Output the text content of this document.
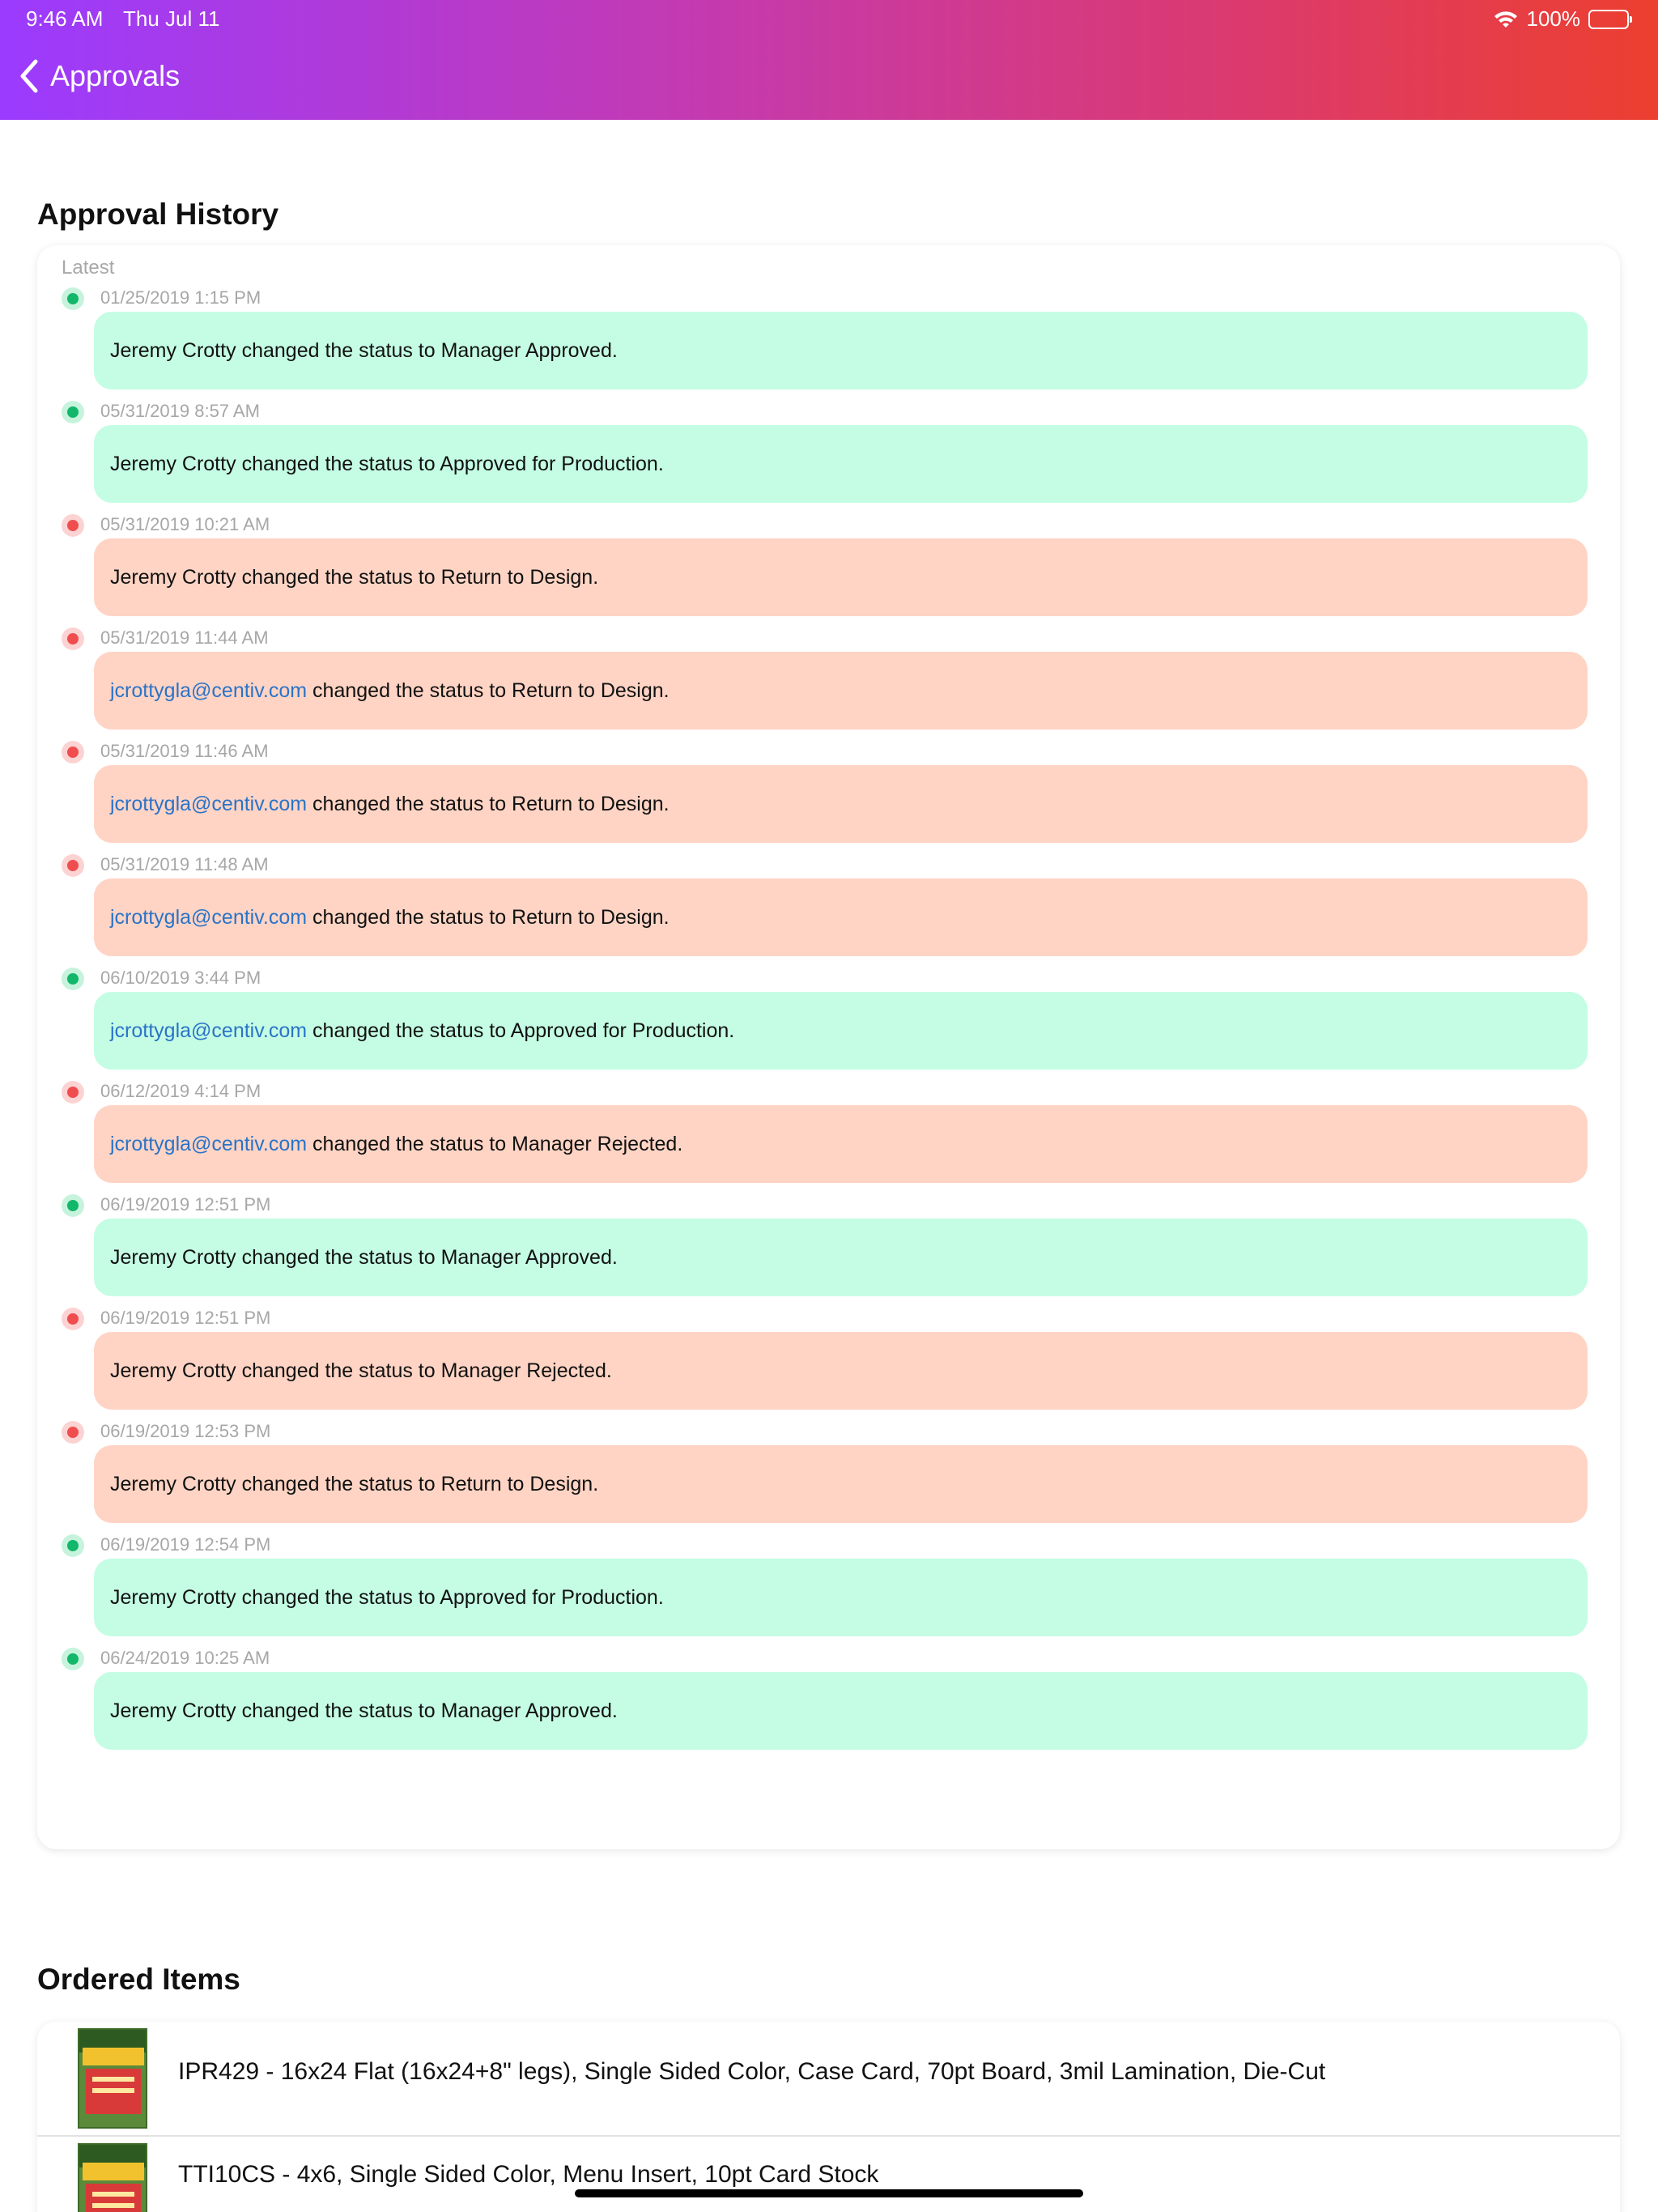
9:46 AM Thu Jul 11	100%
Approvals
Approval History
Latest
01/25/2019 1:15 PM
Jeremy Crotty changed the status to Manager Approved.
05/31/2019 8:57 AM
Jeremy Crotty changed the status to Approved for Production.
05/31/2019 10:21 AM
Jeremy Crotty changed the status to Return to Design.
05/31/2019 11:44 AM
jcrottygla@centiv.com changed the status to Return to Design.
05/31/2019 11:46 AM
jcrottygla@centiv.com changed the status to Return to Design.
05/31/2019 11:48 AM
jcrottygla@centiv.com changed the status to Return to Design.
06/10/2019 3:44 PM
jcrottygla@centiv.com changed the status to Approved for Production.
06/12/2019 4:14 PM
jcrottygla@centiv.com changed the status to Manager Rejected.
06/19/2019 12:51 PM
Jeremy Crotty changed the status to Manager Approved.
06/19/2019 12:51 PM
Jeremy Crotty changed the status to Manager Rejected.
06/19/2019 12:53 PM
Jeremy Crotty changed the status to Return to Design.
06/19/2019 12:54 PM
Jeremy Crotty changed the status to Approved for Production.
06/24/2019 10:25 AM
Jeremy Crotty changed the status to Manager Approved.
Ordered Items
IPR429 - 16x24 Flat (16x24+8" legs), Single Sided Color, Case Card, 70pt Board, 3mil Lamination, Die-Cut
TTI10CS - 4x6, Single Sided Color, Menu Insert, 10pt Card Stock
